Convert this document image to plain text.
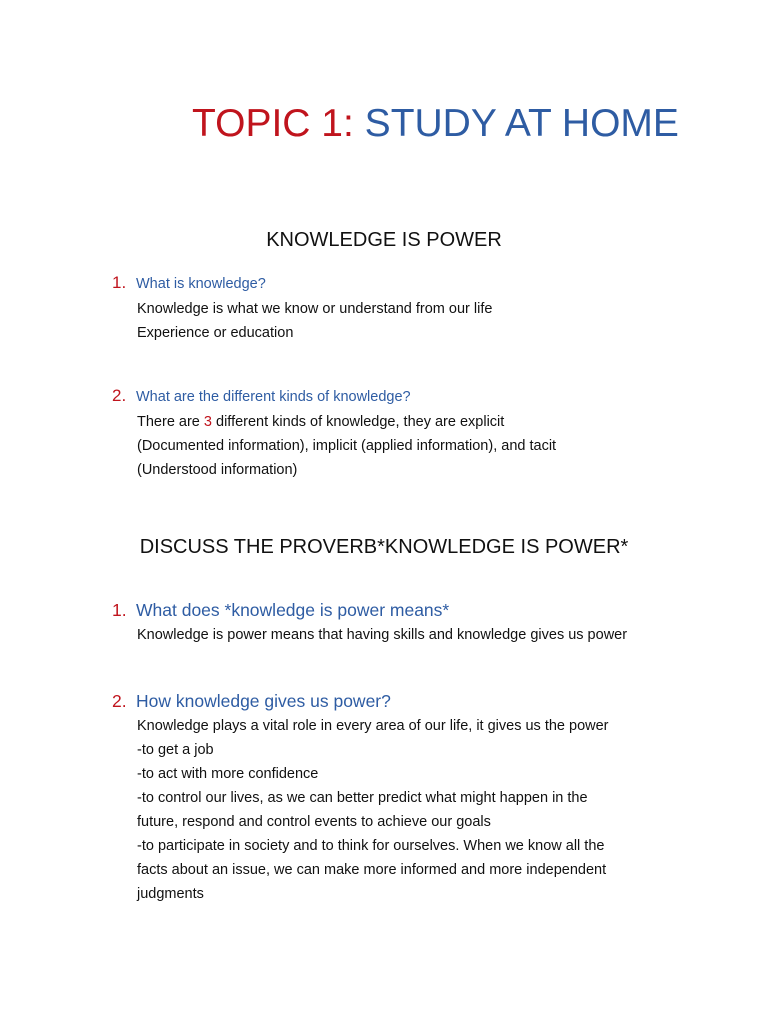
TOPIC 1: STUDY AT HOME
KNOWLEDGE IS POWER
1. What is knowledge?
Knowledge is what we know or understand from our life
Experience or education
2. What are the different kinds of knowledge?
There are 3 different kinds of knowledge, they are explicit
(Documented information), implicit (applied information), and tacit
(Understood information)
DISCUSS THE PROVERB*KNOWLEDGE IS POWER*
1. What does *knowledge is power means*
Knowledge is power means that having skills and knowledge gives us power
2. How knowledge gives us power?
Knowledge plays a vital role in every area of our life, it gives us the power
-to get a job
-to act with more confidence
-to control our lives, as we can better predict what might happen in the
future, respond and control events to achieve our goals
-to participate in society and to think for ourselves. When we know all the
facts about an issue, we can make more informed and more independent
judgments
